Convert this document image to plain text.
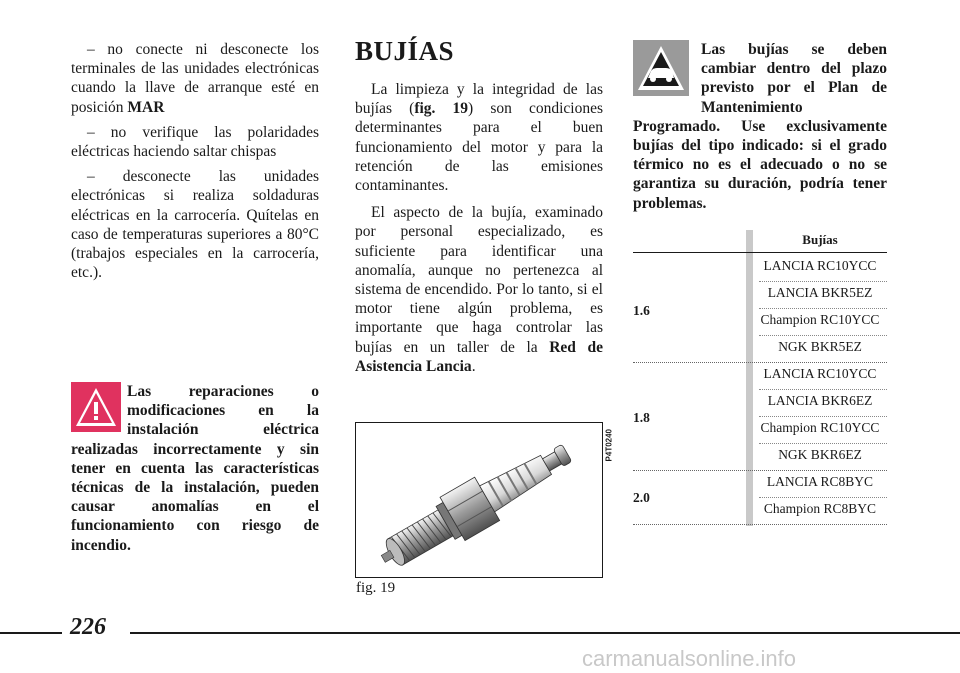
– no conecte ni desconecte los terminales de las unidades electrónicas cuando la llave de arranque esté en posición MAR

– no verifique las polaridades eléctricas haciendo saltar chispas

– desconecte las unidades electrónicas si realiza soldaduras eléctricas en la carrocería. Quítelas en caso de temperaturas superiores a 80°C (trabajos especiales en la carrocería, etc.).

Las reparaciones o modificaciones en la instalación eléctrica realizadas incorrectamente y sin tener en cuenta las características técnicas de la instalación, pueden causar anomalías en el funcionamiento con riesgo de incendio.
BUJÍAS

La limpieza y la integridad de las bujías (fig. 19) son condiciones determinantes para el buen funcionamiento del motor y para la retención de las emisiones contaminantes.

El aspecto de la bujía, examinado por personal especializado, es suficiente para identificar una anomalía, aunque no pertenezca al sistema de encendido. Por lo tanto, si el motor tiene algún problema, es importante que haga controlar las bujías en un taller de la Red de Asistencia Lancia.

P4T0240
fig. 19
Las bujías se deben cambiar dentro del plazo previsto por el Plan de Mantenimiento Programado. Use exclusivamente bujías del tipo indicado: si el grado térmico no es el adecuado o no se garantiza su duración, podría tener problemas.
Bujías
1.6
LANCIA RC10YCC
LANCIA BKR5EZ
Champion RC10YCC
NGK BKR5EZ
1.8
LANCIA RC10YCC
LANCIA BKR6EZ
Champion RC10YCC
NGK BKR6EZ
2.0
LANCIA RC8BYC
Champion RC8BYC
226
carmanualsonline.info
